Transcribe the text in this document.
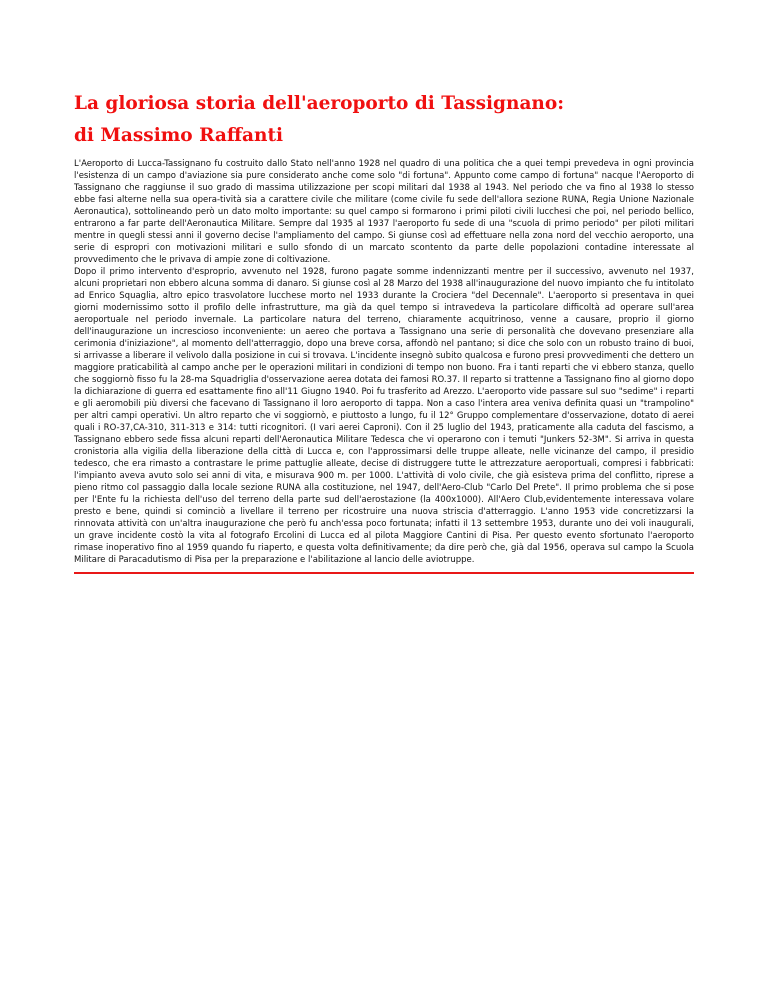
La gloriosa storia dell'aeroporto di Tassignano:
di Massimo Raffanti

L'Aeroporto di Lucca-Tassignano fu costruito dallo Stato nell'anno 1928 nel quadro di una politica che a quei tempi prevedeva in ogni provincia l'esistenza di un campo d'aviazione sia pure considerato anche come solo "di fortuna". Appunto come campo di fortuna" nacque l'Aeroporto di Tassignano che raggiunse il suo grado di massima utilizzazione per scopi militari dal 1938 al 1943. Nel periodo che va fino al 1938 lo stesso ebbe fasi alterne nella sua opera-tività sia a carattere civile che militare (come civile fu sede dell'allora sezione RUNA, Regia Unione Nazionale Aeronautica), sottolineando però un dato molto importante: su quel campo si formarono i primi piloti civili lucchesi che poi, nel periodo bellico, entrarono a far parte dell'Aeronautica Militare. Sempre dal 1935 al 1937 l'aeroporto fu sede di una "scuola di primo periodo" per piloti militari mentre in quegli stessi anni il governo decise l'ampliamento del campo. Si giunse così ad effettuare nella zona nord del vecchio aeroporto, una serie di espropri con motivazioni militari e sullo sfondo di un marcato scontento da parte delle popolazioni contadine interessate al provvedimento che le privava di ampie zone di coltivazione.

Dopo il primo intervento d'esproprio, avvenuto nel 1928, furono pagate somme indennizzanti mentre per il successivo, avvenuto nel 1937, alcuni proprietari non ebbero alcuna somma di danaro. Si giunse così al 28 Marzo del 1938 all'inaugurazione del nuovo impianto che fu intitolato ad Enrico Squaglia, altro epico trasvolatore lucchese morto nel 1933 durante la Crociera "del Decennale". L'aeroporto si presentava in quei giorni modernissimo sotto il profilo delle infrastrutture, ma già da quel tempo si intravedeva la particolare difficoltà ad operare sull'area aeroportuale nel periodo invernale. La particolare natura del terreno, chiaramente acquitrinoso, venne a causare, proprio il giorno dell'inaugurazione un increscioso inconveniente: un aereo che portava a Tassignano una serie di personalità che dovevano presenziare alla cerimonia d'iniziazione", al momento dell'atterraggio, dopo una breve corsa, affondò nel pantano; si dice che solo con un robusto traino di buoi, si arrivasse a liberare il velivolo dalla posizione in cui si trovava. L'incidente insegnò subito qualcosa e furono presi provvedimenti che dettero un maggiore praticabilità al campo anche per le operazioni militari in condizioni di tempo non buono. Fra i tanti reparti che vi ebbero stanza, quello che soggiornò fisso fu la 28-ma Squadriglia d'osservazione aerea dotata dei famosi RO.37. Il reparto si trattenne a Tassignano fino al giorno dopo la dichiarazione di guerra ed esattamente fino all'11 Giugno 1940. Poi fu trasferito ad Arezzo. L'aeroporto vide passare sul suo "sedime" i reparti e gli aeromobili più diversi che facevano di Tassignano il loro aeroporto di tappa. Non a caso l'intera area veniva definita quasi un "trampolino" per altri campi operativi. Un altro reparto che vi soggiornò, e piuttosto a lungo, fu il 12° Gruppo complementare d'osservazione, dotato di aerei quali i RO-37,CA-310, 311-313 e 314: tutti ricognitori. (I vari aerei Caproni). Con il 25 luglio del 1943, praticamente alla caduta del fascismo, a Tassignano ebbero sede fissa alcuni reparti dell'Aeronautica Militare Tedesca che vi operarono con i temuti "Junkers 52-3M". Si arriva in questa cronistoria alla vigilia della liberazione della città di Lucca e, con l'approssimarsi delle truppe alleate, nelle vicinanze del campo, il presidio tedesco, che era rimasto a contrastare le prime pattuglie alleate, decise di distruggere tutte le attrezzature aeroportuali, compresi i fabbricati: l'impianto aveva avuto solo sei anni di vita, e misurava 900 m. per 1000. L'attività di volo civile, che già esisteva prima del conflitto, riprese a pieno ritmo col passaggio dalla locale sezione RUNA alla costituzione, nel 1947, dell'Aero-Club "Carlo Del Prete". Il primo problema che si pose per l'Ente fu la richiesta dell'uso del terreno della parte sud dell'aerostazione (la 400x1000). All'Aero Club,evidentemente interessava volare presto e bene, quindi si cominciò a livellare il terreno per ricostruire una nuova striscia d'atterraggio. L'anno 1953 vide concretizzarsi la rinnovata attività con un'altra inaugurazione che però fu anch'essa poco fortunata; infatti il 13 settembre 1953, durante uno dei voli inaugurali, un grave incidente costò la vita al fotografo Ercolini di Lucca ed al pilota Maggiore Cantini di Pisa. Per questo evento sfortunato l'aeroporto rimase inoperativo fino al 1959 quando fu riaperto, e questa volta definitivamente; da dire però che, già dal 1956, operava sul campo la Scuola Militare di Paracadutismo di Pisa per la preparazione e l'abilitazione al lancio delle aviotruppe.
